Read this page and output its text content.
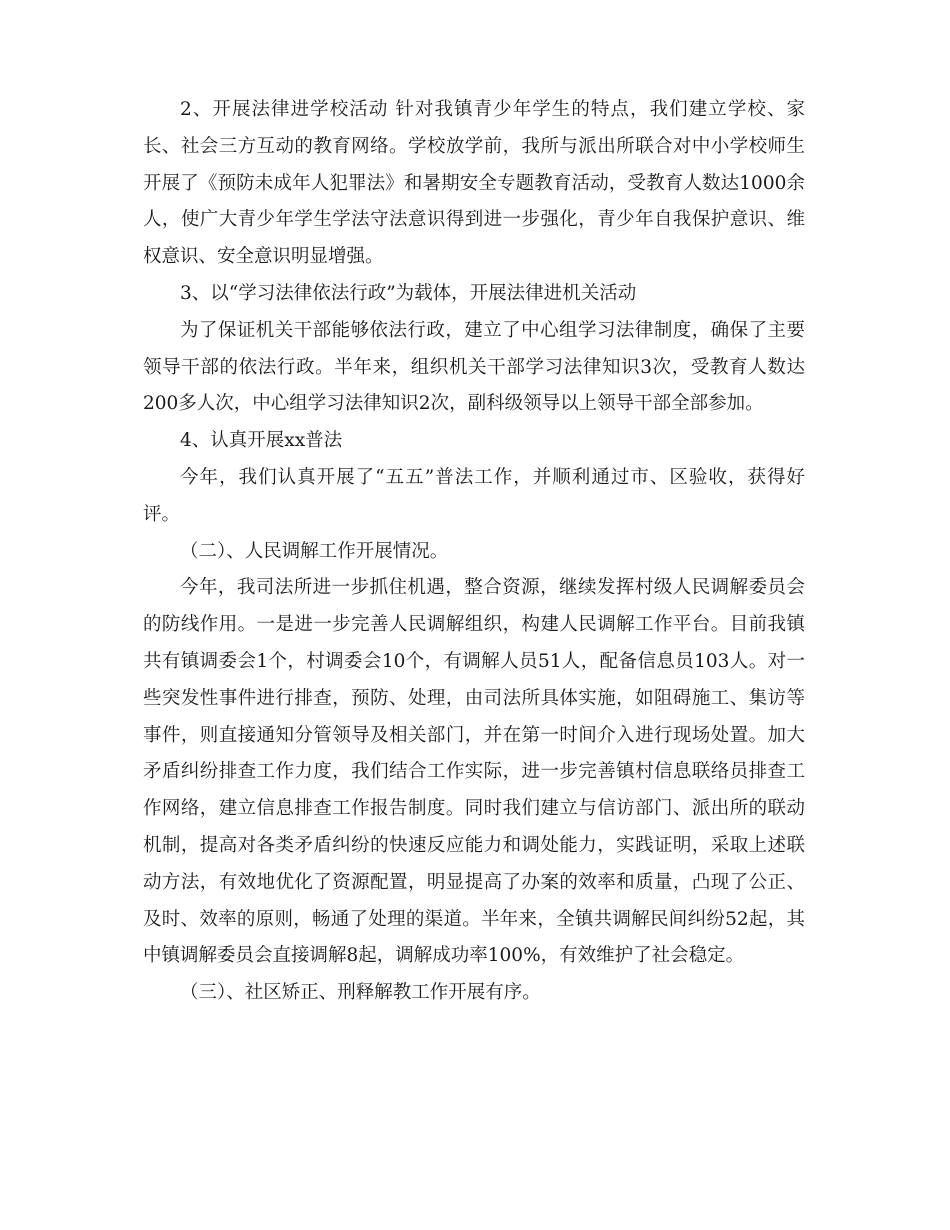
2、开展法律进学校活动 针对我镇青少年学生的特点，我们建立学校、家长、社会三方互动的教育网络。学校放学前，我所与派出所联合对中小学校师生开展了《预防未成年人犯罪法》和暑期安全专题教育活动，受教育人数达1000余人，使广大青少年学生学法守法意识得到进一步强化，青少年自我保护意识、维权意识、安全意识明显增强。

3、以“学习法律依法行政”为载体，开展法律进机关活动

为了保证机关干部能够依法行政，建立了中心组学习法律制度，确保了主要领导干部的依法行政。半年来，组织机关干部学习法律知识3次，受教育人数达200多人次，中心组学习法律知识2次，副科级领导以上领导干部全部参加。

4、认真开展xx普法

今年，我们认真开展了“五五”普法工作，并顺利通过市、区验收，获得好评。

（二）、人民调解工作开展情况。

今年，我司法所进一步抓住机遇，整合资源，继续发挥村级人民调解委员会的防线作用。一是进一步完善人民调解组织，构建人民调解工作平台。目前我镇共有镇调委会1个，村调委会10个，有调解人员51人，配备信息员103人。对一些突发性事件进行排查，预防、处理，由司法所具体实施，如阻碍施工、集访等事件，则直接通知分管领导及相关部门，并在第一时间介入进行现场处置。加大矛盾纠纷排查工作力度，我们结合工作实际，进一步完善镇村信息联络员排查工作网络，建立信息排查工作报告制度。同时我们建立与信访部门、派出所的联动机制，提高对各类矛盾纠纷的快速反应能力和调处能力，实践证明，采取上述联动方法，有效地优化了资源配置，明显提高了办案的效率和质量，凸现了公正、及时、效率的原则，畅通了处理的渠道。半年来，全镇共调解民间纠纷52起，其中镇调解委员会直接调解8起，调解成功率100%，有效维护了社会稳定。

（三）、社区矫正、刑释解教工作开展有序。
